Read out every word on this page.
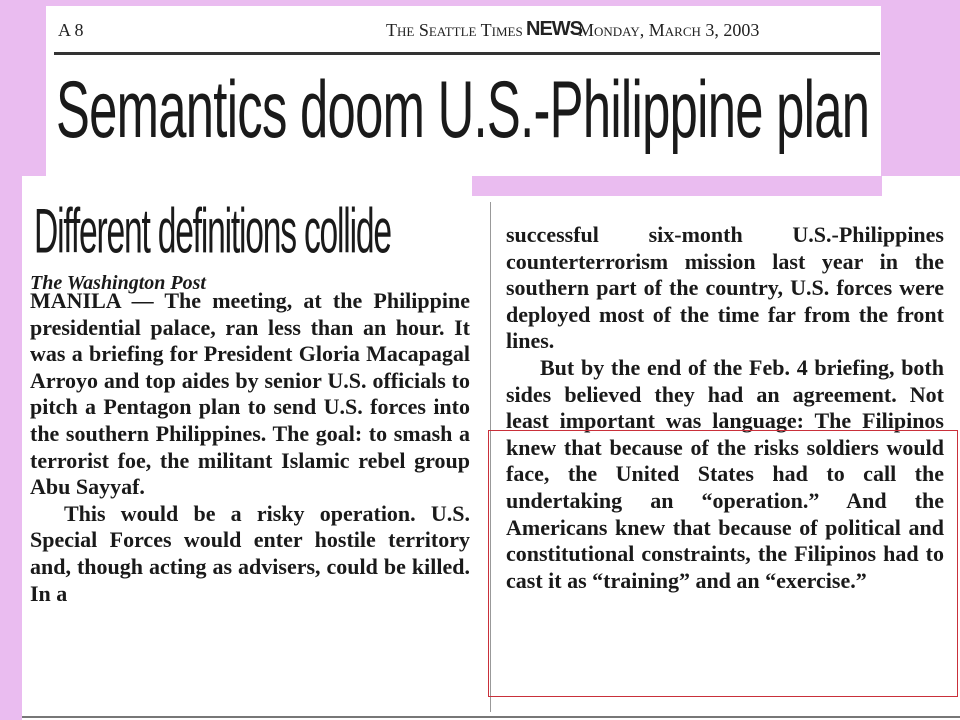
A 8	The Seattle Times NEWS
Monday, March 3, 2003
Semantics doom U.S.-Philippine plan
Different definitions collide
The Washington Post

MANILA — The meeting, at the Philippine presidential palace, ran less than an hour. It was a briefing for President Gloria Macapagal Arroyo and top aides by senior U.S. officials to pitch a Pentagon plan to send U.S. forces into the southern Philippines. The goal: to smash a terrorist foe, the militant Islamic rebel group Abu Sayyaf.

This would be a risky operation. U.S. Special Forces would enter hostile territory and, though acting as advisers, could be killed. In a

successful six-month U.S.-Philippines counterterrorism mission last year in the southern part of the country, U.S. forces were deployed most of the time far from the front lines.

But by the end of the Feb. 4 briefing, both sides believed they had an agreement. Not least important was language: The Filipinos knew that because of the risks soldiers would face, the United States had to call the undertaking an “operation.” And the Americans knew that because of political and constitutional constraints, the Filipinos had to cast it as “training” and an “exercise.”
